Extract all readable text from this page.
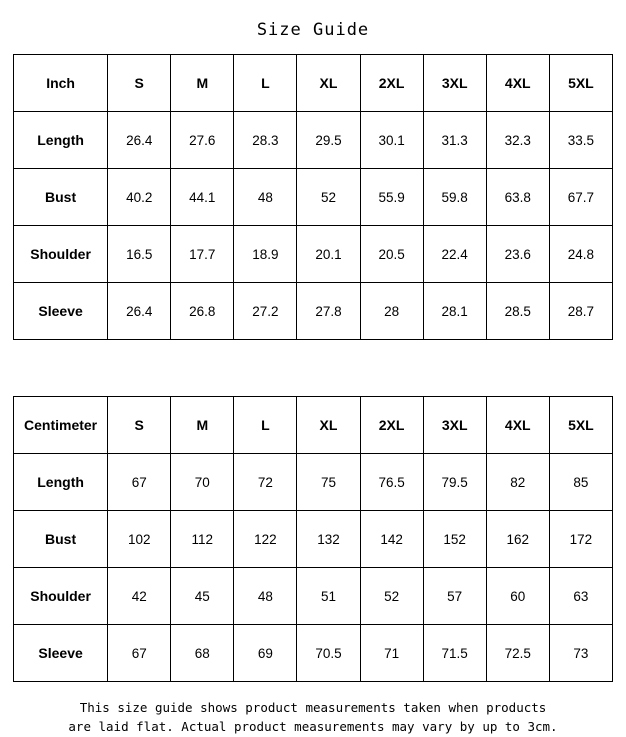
Size Guide
Inch	S	M	L	XL	2XL	3XL	4XL	5XL
Length	26.4	27.6	28.3	29.5	30.1	31.3	32.3	33.5
Bust	40.2	44.1	48	52	55.9	59.8	63.8	67.7
Shoulder	16.5	17.7	18.9	20.1	20.5	22.4	23.6	24.8
Sleeve	26.4	26.8	27.2	27.8	28	28.1	28.5	28.7
Centimeter	S	M	L	XL	2XL	3XL	4XL	5XL
Length	67	70	72	75	76.5	79.5	82	85
Bust	102	112	122	132	142	152	162	172
Shoulder	42	45	48	51	52	57	60	63
Sleeve	67	68	69	70.5	71	71.5	72.5	73
This size guide shows product measurements taken when products
are laid flat. Actual product measurements may vary by up to 3cm.
